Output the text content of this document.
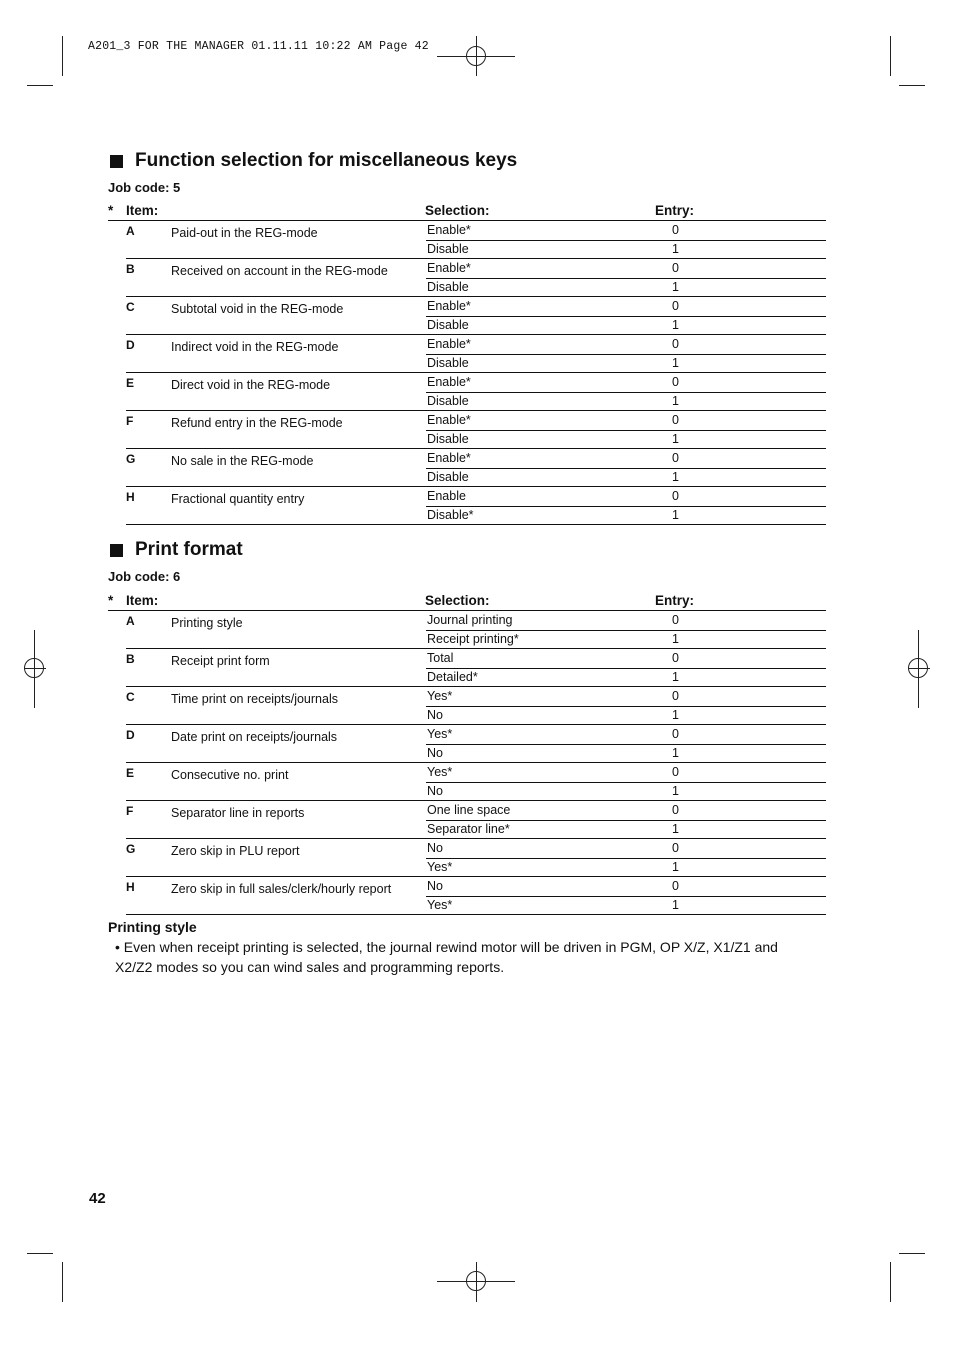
A201_3 FOR THE MANAGER 01.11.11 10:22 AM Page 42
Function selection for miscellaneous keys
Job code: 5
* Item:	Selection:	Entry:
A	Paid-out in the REG-mode	Enable*	0
Disable	1
B	Received on account in the REG-mode	Enable*	0
Disable	1
C	Subtotal void in the REG-mode	Enable*	0
Disable	1
D	Indirect void in the REG-mode	Enable*	0
Disable	1
E	Direct void in the REG-mode	Enable*	0
Disable	1
F	Refund entry in the REG-mode	Enable*	0
Disable	1
G	No sale in the REG-mode	Enable*	0
Disable	1
H	Fractional quantity entry	Enable	0
Disable*	1
Print format
Job code: 6
* Item:	Selection:	Entry:
A	Printing style	Journal printing	0
Receipt printing*	1
B	Receipt print form	Total	0
Detailed*	1
C	Time print on receipts/journals	Yes*	0
No	1
D	Date print on receipts/journals	Yes*	0
No	1
E	Consecutive no. print	Yes*	0
No	1
F	Separator line in reports	One line space	0
Separator line*	1
G	Zero skip in PLU report	No	0
Yes*	1
H	Zero skip in full sales/clerk/hourly report	No	0
Yes*	1
Printing style
• Even when receipt printing is selected, the journal rewind motor will be driven in PGM, OP X/Z, X1/Z1 and X2/Z2 modes so you can wind sales and programming reports.
42
